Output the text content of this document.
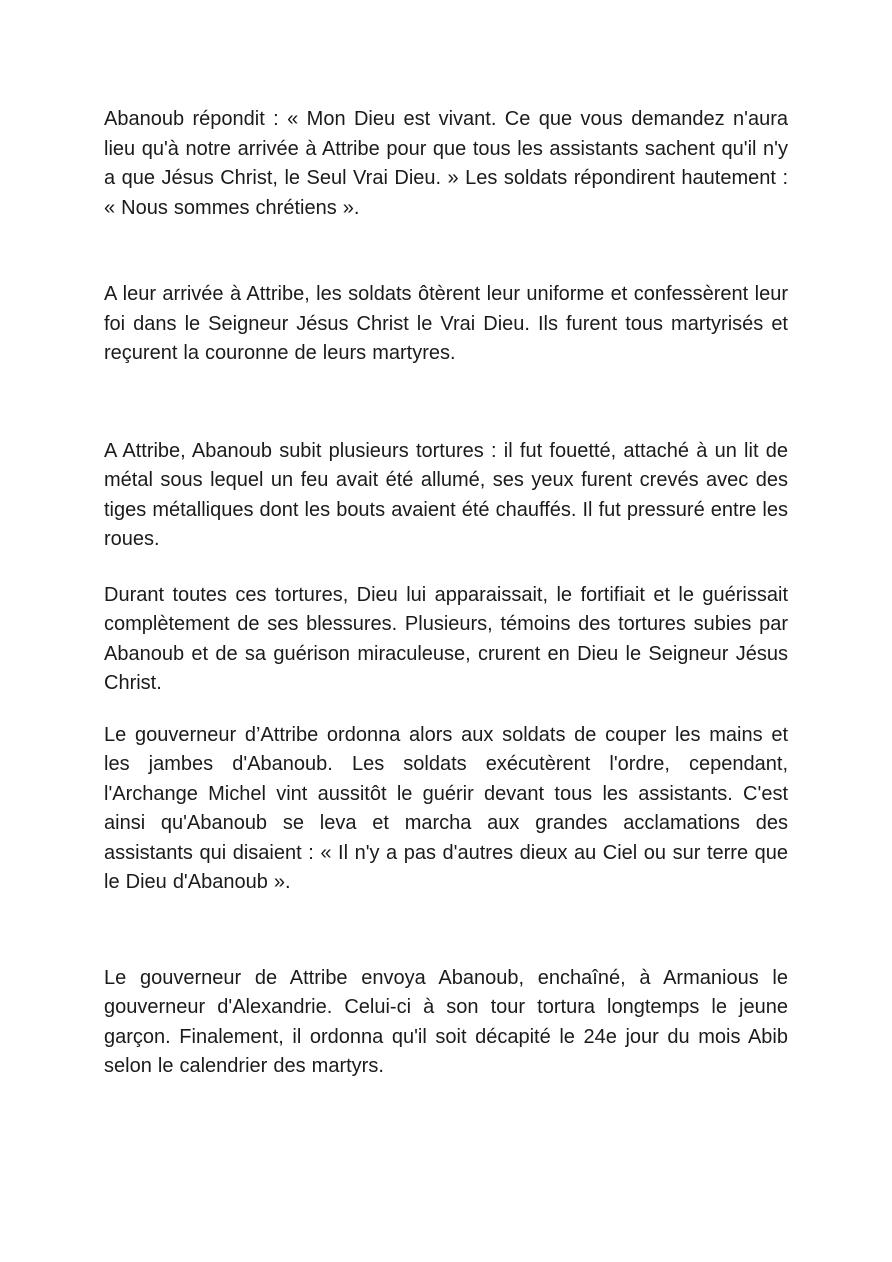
Abanoub répondit : « Mon Dieu est vivant. Ce que vous demandez n'aura lieu qu'à notre arrivée à Attribe pour que tous les assistants sachent qu'il n'y a que Jésus Christ, le Seul Vrai Dieu. » Les soldats répondirent hautement : « Nous sommes chrétiens ».

A leur arrivée à Attribe, les soldats ôtèrent leur uniforme et confessèrent leur foi dans le Seigneur Jésus Christ le Vrai Dieu. Ils furent tous martyrisés et reçurent la couronne de leurs martyres.

A Attribe, Abanoub subit plusieurs tortures : il fut fouetté, attaché à un lit de métal sous lequel un feu avait été allumé, ses yeux furent crevés avec des tiges métalliques dont les bouts avaient été chauffés. Il fut pressuré entre les roues.

Durant toutes ces tortures, Dieu lui apparaissait, le fortifiait et le guérissait complètement de ses blessures. Plusieurs, témoins des tortures subies par Abanoub et de sa guérison miraculeuse, crurent en Dieu le Seigneur Jésus Christ.

Le gouverneur d’Attribe ordonna alors aux soldats de couper les mains et les jambes d'Abanoub. Les soldats exécutèrent l'ordre, cependant, l'Archange Michel vint aussitôt le guérir devant tous les assistants. C'est ainsi qu'Abanoub se leva et marcha aux grandes acclamations des assistants qui disaient : « Il n'y a pas d'autres dieux au Ciel ou sur terre que le Dieu d'Abanoub ».

Le gouverneur de Attribe envoya Abanoub, enchaîné, à Armanious le gouverneur d'Alexandrie. Celui-ci à son tour tortura longtemps le jeune garçon. Finalement, il ordonna qu'il soit décapité le 24e jour du mois Abib selon le calendrier des martyrs.
